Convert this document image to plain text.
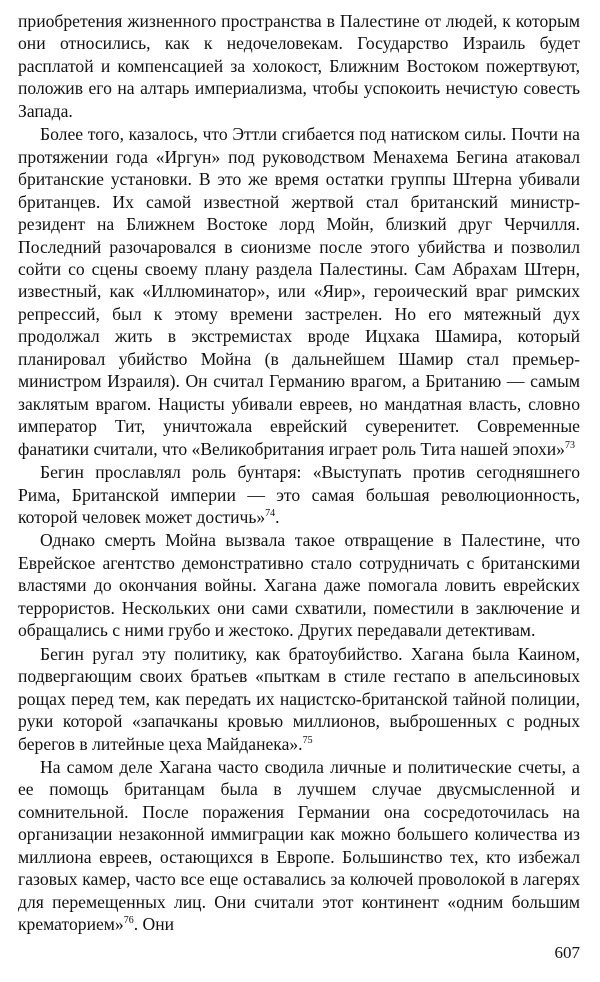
приобретения жизненного пространства в Палестине от людей, к которым они относились, как к недочеловекам. Государство Израиль будет расплатой и компенсацией за холокост, Ближним Востоком пожертвуют, положив его на алтарь империализма, чтобы успокоить нечистую совесть Запада.

Более того, казалось, что Эттли сгибается под натиском силы. Почти на протяжении года «Иргун» под руководством Менахема Бегина атаковал британские установки. В это же время остатки группы Штерна убивали британцев. Их самой известной жертвой стал британский министр-резидент на Ближнем Востоке лорд Мойн, близкий друг Черчилля. Последний разочаровался в сионизме после этого убийства и позволил сойти со сцены своему плану раздела Палестины. Сам Абрахам Штерн, известный, как «Иллюминатор», или «Яир», героический враг римских репрессий, был к этому времени застрелен. Но его мятежный дух продолжал жить в экстремистах вроде Ицхака Шамира, который планировал убийство Мойна (в дальнейшем Шамир стал премьер-министром Израиля). Он считал Германию врагом, а Британию — самым заклятым врагом. Нацисты убивали евреев, но мандатная власть, словно император Тит, уничтожала еврейский суверенитет. Современные фанатики считали, что «Великобритания играет роль Тита нашей эпохи»$^{73}$

Бегин прославлял роль бунтаря: «Выступать против сегодняшнего Рима, Британской империи — это самая большая революционность, которой человек может достичь»$^{74}$.

Однако смерть Мойна вызвала такое отвращение в Палестине, что Еврейское агентство демонстративно стало сотрудничать с британскими властями до окончания войны. Хагана даже помогала ловить еврейских террористов. Нескольких они сами схватили, поместили в заключение и обращались с ними грубо и жестоко. Других передавали детективам.

Бегин ругал эту политику, как братоубийство. Хагана была Каином, подвергающим своих братьев «пыткам в стиле гестапо в апельсиновых рощах перед тем, как передать их нацистско-британской тайной полиции, руки которой «запачканы кровью миллионов, выброшенных с родных берегов в литейные цеха Майданека».$^{75}$

На самом деле Хагана часто сводила личные и политические счеты, а ее помощь британцам была в лучшем случае двусмысленной и сомнительной. После поражения Германии она сосредоточилась на организации незаконной иммиграции как можно большего количества из миллиона евреев, остающихся в Европе. Большинство тех, кто избежал газовых камер, часто все еще оставались за колючей проволокой в лагерях для перемещенных лиц. Они считали этот континент «одним большим крематорием»$^{76}$. Они

607
